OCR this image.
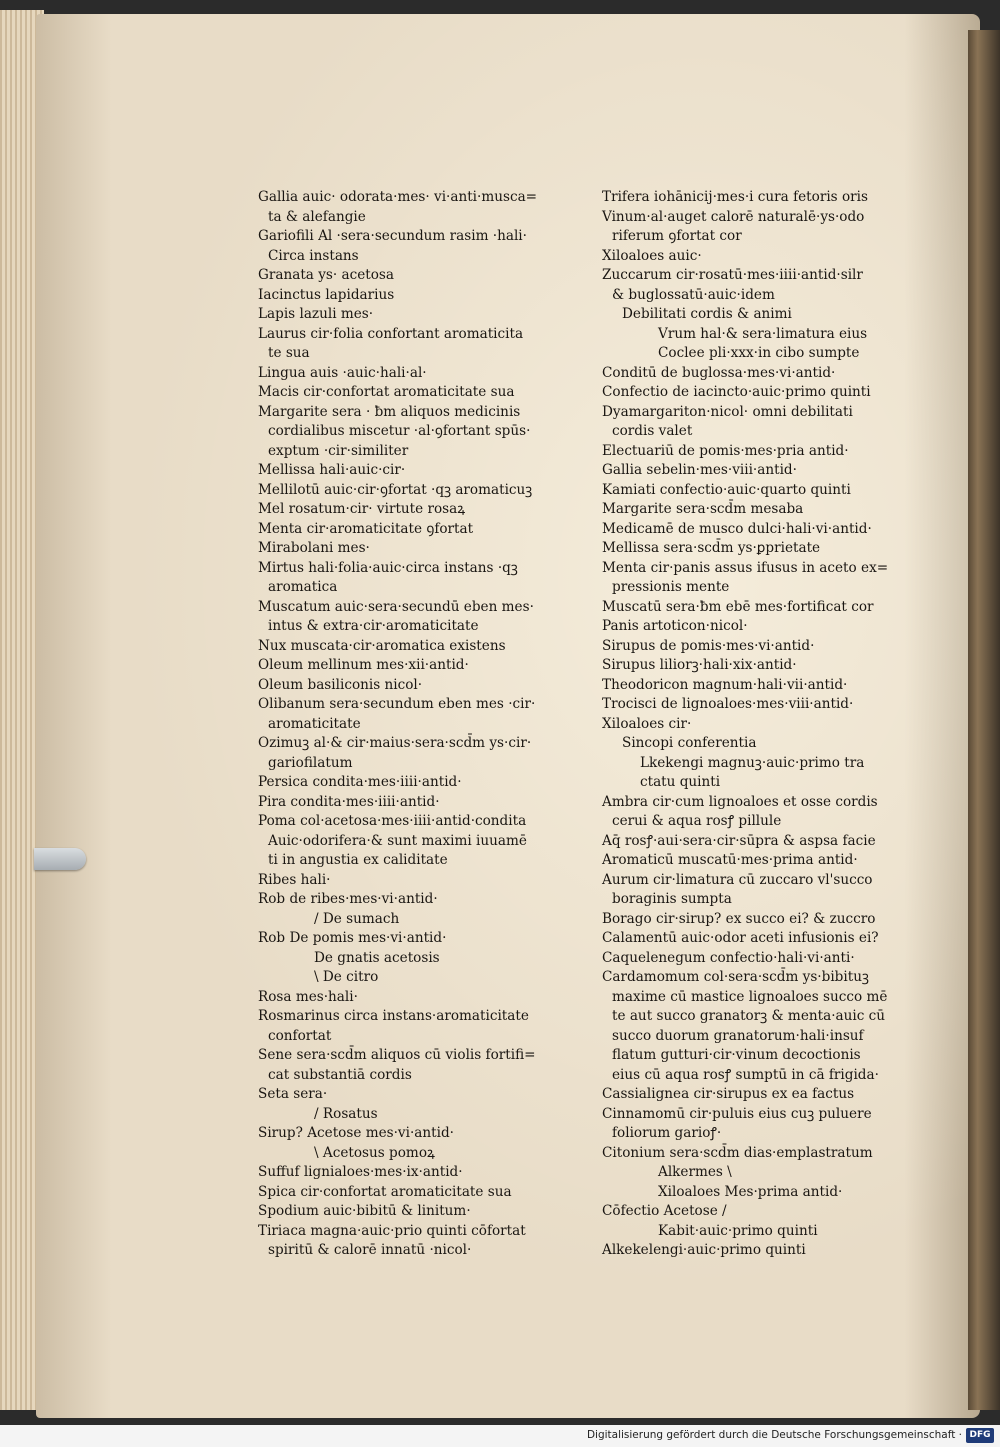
Gallia auic· odorata·mes· vi·anti·musca=
ta & alefangie
Gariofili Al ·sera·secundum rasim ·hali·
Circa instans
Granata ys· acetosa
Iacinctus lapidarius
Lapis lazuli mes·
Laurus cir·folia confortant aromaticita
te sua
Lingua auis ·auic·hali·al·
Macis cir·confortat aromaticitate sua
Margarite sera · ƀm aliquos medicinis
cordialibus miscetur ·al·ꝯfortant spūs·
exptum ·cir·similiter
Mellissa hali·auic·cir·
Mellilotū auic·cir·ꝯfortat ·qꝫ aromaticuꝫ
Mel rosatum·cir· virtute rosaꝝ
Menta cir·aromaticitate ꝯfortat
Mirabolani mes·
Mirtus hali·folia·auic·circa instans ·qꝫ
aromatica
Muscatum auic·sera·secundū eben mes·
intus & extra·cir·aromaticitate
Nux muscata·cir·aromatica existens
Oleum mellinum mes·xii·antid·
Oleum basiliconis nicol·
Olibanum sera·secundum eben mes ·cir·
aromaticitate
Ozimuꝫ al·& cir·maius·sera·scd̄m ys·cir·
gariofilatum
Persica condita·mes·iiii·antid·
Pira condita·mes·iiii·antid·
Poma col·acetosa·mes·iiii·antid·condita
Auic·odorifera·& sunt maximi iuuamē
ti in angustia ex caliditate
Ribes hali·
Rob de ribes·mes·vi·antid·
/ De sumach
Rob De pomis mes·vi·antid·
De gnatis acetosis
\ De citro
Rosa mes·hali·
Rosmarinus circa instans·aromaticitate
confortat
Sene sera·scd̄m aliquos cū violis fortifi=
cat substantiā cordis
Seta sera·
/ Rosatus
Sirup? Acetose mes·vi·antid·
\ Acetosus pomoꝝ
Suffuf lignialoes·mes·ix·antid·
Spica cir·confortat aromaticitate sua
Spodium auic·bibitū & linitum·
Tiriaca magna·auic·prio quinti cōfortat
spiritū & calorē innatū ·nicol·
Trifera iohānicij·mes·i cura fetoris oris
Vinum·al·auget calorē naturalē·ys·odo
riferum ꝯfortat cor
Xiloaloes auic·
Zuccarum cir·rosatū·mes·iiii·antid·silr
& buglossatū·auic·idem
Debilitati cordis & animi
Vrum hal·& sera·limatura eius
Coclee pli·xxx·in cibo sumpte
Conditū de buglossa·mes·vi·antid·
Confectio de iacincto·auic·primo quinti
Dyamargariton·nicol· omni debilitati
cordis valet
Electuariū de pomis·mes·pria antid·
Gallia sebelin·mes·viii·antid·
Kamiati confectio·auic·quarto quinti
Margarite sera·scd̄m mesaba
Medicamē de musco dulci·hali·vi·antid·
Mellissa sera·scd̄m ys·ꝑprietate
Menta cir·panis assus ifusus in aceto ex=
pressionis mente
Muscatū sera·ƀm ebē mes·fortificat cor
Panis artoticon·nicol·
Sirupus de pomis·mes·vi·antid·
Sirupus liliorꝫ·hali·xix·antid·
Theodoricon magnum·hali·vii·antid·
Trocisci de lignoaloes·mes·viii·antid·
Xiloaloes cir·
Sincopi conferentia
Lkekengi magnuꝫ·auic·primo tra
ctatu quinti
Ambra cir·cum lignoaloes et osse cordis
cerui & aqua rosꝭ pillule
Aq̄ rosꝭ·aui·sera·cir·sūpra & aspsa facie
Aromaticū muscatū·mes·prima antid·
Aurum cir·limatura cū zuccaro vl'succo
boraginis sumpta
Borago cir·sirup? ex succo ei? & zuccro
Calamentū auic·odor aceti infusionis ei?
Caquelenegum confectio·hali·vi·anti·
Cardamomum col·sera·scd̄m ys·bibituꝫ
maxime cū mastice lignoaloes succo mē
te aut succo granatorꝫ & menta·auic cū
succo duorum granatorum·hali·insuf
flatum gutturi·cir·vinum decoctionis
eius cū aqua rosꝭ sumptū in cā frigida·
Cassialignea cir·sirupus ex ea factus
Cinnamomū cir·puluis eius cuꝫ puluere
foliorum garioꝭ·
Citonium sera·scd̄m dias·emplastratum
Alkermes \
Xiloaloes Mes·prima antid·
Cōfectio Acetose /
Kabit·auic·primo quinti
Alkekelengi·auic·primo quinti
Digitalisierung gefördert durch die Deutsche Forschungsgemeinschaft · DFG
